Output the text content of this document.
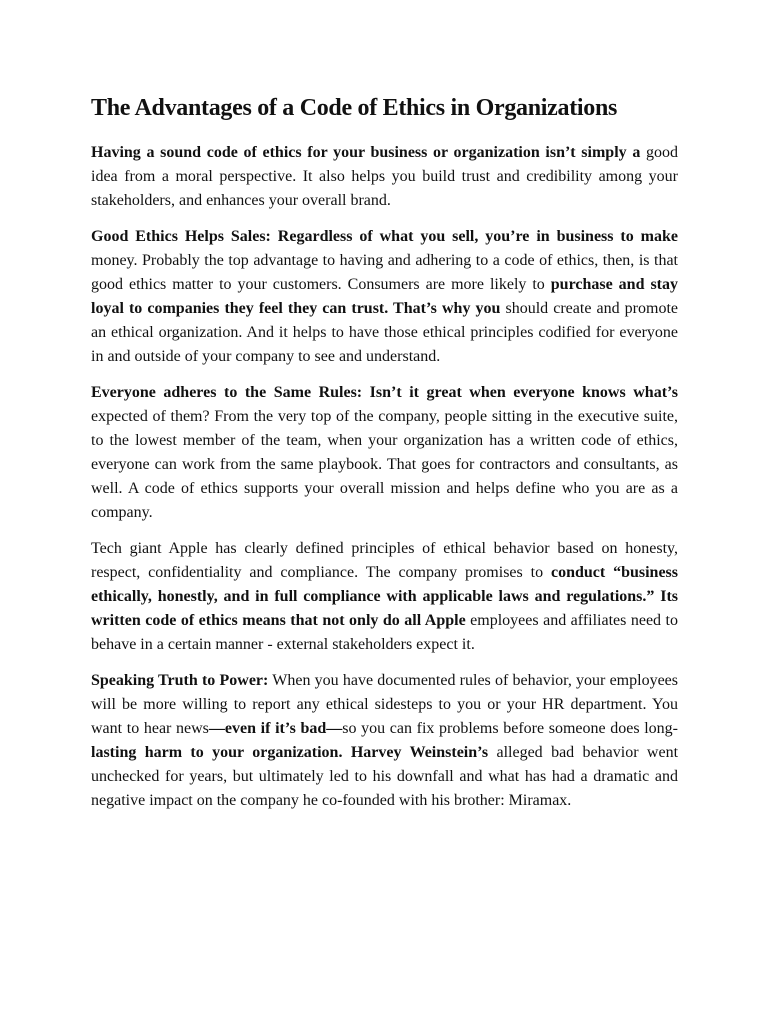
The Advantages of a Code of Ethics in Organizations

Having a sound code of ethics for your business or organization isn’t simply a good idea from a moral perspective. It also helps you build trust and credibility among your stakeholders, and enhances your overall brand.

Good Ethics Helps Sales: Regardless of what you sell, you’re in business to make money. Probably the top advantage to having and adhering to a code of ethics, then, is that good ethics matter to your customers. Consumers are more likely to purchase and stay loyal to companies they feel they can trust. That’s why you should create and promote an ethical organization. And it helps to have those ethical principles codified for everyone in and outside of your company to see and understand.

Everyone adheres to the Same Rules: Isn’t it great when everyone knows what’s expected of them? From the very top of the company, people sitting in the executive suite, to the lowest member of the team, when your organization has a written code of ethics, everyone can work from the same playbook. That goes for contractors and consultants, as well. A code of ethics supports your overall mission and helps define who you are as a company.

Tech giant Apple has clearly defined principles of ethical behavior based on honesty, respect, confidentiality and compliance. The company promises to conduct “business ethically, honestly, and in full compliance with applicable laws and regulations.” Its written code of ethics means that not only do all Apple employees and affiliates need to behave in a certain manner - external stakeholders expect it.

Speaking Truth to Power: When you have documented rules of behavior, your employees will be more willing to report any ethical sidesteps to you or your HR department. You want to hear news—even if it’s bad—so you can fix problems before someone does long-lasting harm to your organization. Harvey Weinstein’s alleged bad behavior went unchecked for years, but ultimately led to his downfall and what has had a dramatic and negative impact on the company he co-founded with his brother: Miramax.
